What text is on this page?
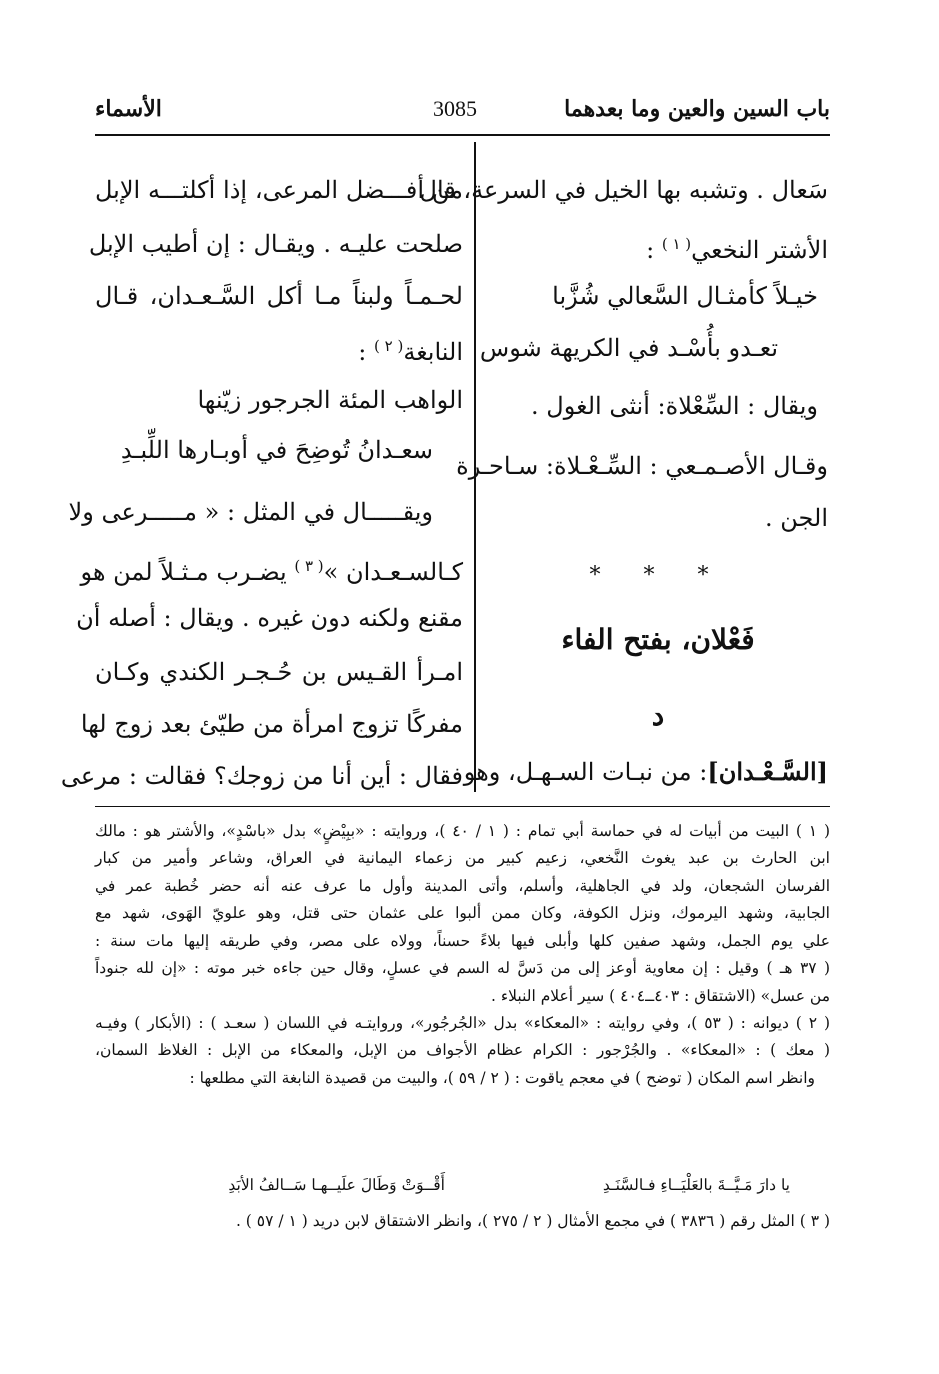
الأسماء	3085	باب السين والعين وما بعدهما
سَعال . وتشبه بها الخيل في السرعة، قال
الأشتر النخعي$^{( ١ )}$ :
خيـلاً كأمثـال السَّعالي شُزَّبا
تعـدو بأُسْـد في الكريهة شوس
ويقال : السِّعْلاة: أنثى الغول .
وقـال الأصـمـعي : السِّـعْـلاة: سـاحـرة
الجن .
* * *
فَعْلان، بفتح الفاء
د
[السَّـعْـدان]: من نبـات السـهـل، وهو
من أفـــضل المرعى، إذا أكلتـــه الإبل
صلحت عليـه . ويقـال : إن أطيب الإبل
لحـمـاً ولبناً مـا أكل السَّـعـدان، قـال
النابغة$^{( ٢ )}$ :
الواهب المئة الجرجور زيّنها
سعـدانُ تُوضِحَ في أوبـارها اللِّبـدِ
ويقـــــال في المثل : « مـــــرعى ولا
كـالسـعـدان »$^{( ٣ )}$ يضـرب مـثـلاً لمن هو
مقنع ولكنه دون غيره . ويقال : أصله أن
امـرأ القـيس بن حُـجـر الكندي وكـان
مفركًا تزوج امرأة من طيّئ بعد زوج لها
فقال : أين أنا من زوجك؟ فقالت : مرعى
( ١ ) البيت من أبيات له في حماسة أبي تمام : ( ١ / ٤٠ )، وروايته : «ببِيْضٍ» بدل «باسْدٍ»، والأشتر هو : مالك
ابن الحارث بن عبد يغوث النَّخعي، زعيم كبير من زعماء اليمانية في العراق، وشاعر وأمير من كبار
الفرسان الشجعان، ولد في الجاهلية، وأسلم، وأتى المدينة وأول ما عرف عنه أنه حضر خُطبة عمر في
الجابية، وشهد اليرموك، ونزل الكوفة، وكان ممن ألبوا على عثمان حتى قتل، وهو علويّ الهَوى، شهد مع
علي يوم الجمل، وشهد صفين كلها وأبلى فيها بلاءً حسناً، وولاه على مصر، وفي طريقه إليها مات سنة :
( ٣٧ هـ ) وقيل : إن معاوية أوعز إلى من دَسَّ له السم في عسلٍ، وقال حين جاءه خبر موته : «إن لله جنوداً
من عسل» (الاشتقاق : ٤٠٣ــ٤٠٤ ) سير أعلام النبلاء .
( ٢ ) ديوانه : ( ٥٣ )، وفي روايته : «المعكاء» بدل «الجُرجُور»، وروايتـه في اللسان ( سعـد ) : (الأبكار ) وفيـه
( معك ) : «المعكاء» . والجُرْجور : الكرام عظام الأجواف من الإبل، والمعكاء من الإبل : الغلاظ السمان،
وانظر اسم المكان ( توضح ) في معجم ياقوت : ( ٢ / ٥٩ )، والبيت من قصيدة النابغة التي مطلعها :
يا دارَ مَـيَّــةَ بالعَلْيَــاءِ فـالسَّنَـدِ
أَقْــوَتْ وَطَالَ علَيــهـا سَــالفُ الأبَدِ
( ٣ ) المثل رقم ( ٣٨٣٦ ) في مجمع الأمثال ( ٢ / ٢٧٥ )، وانظر الاشتقاق لابن دريد ( ١ / ٥٧ ) .
